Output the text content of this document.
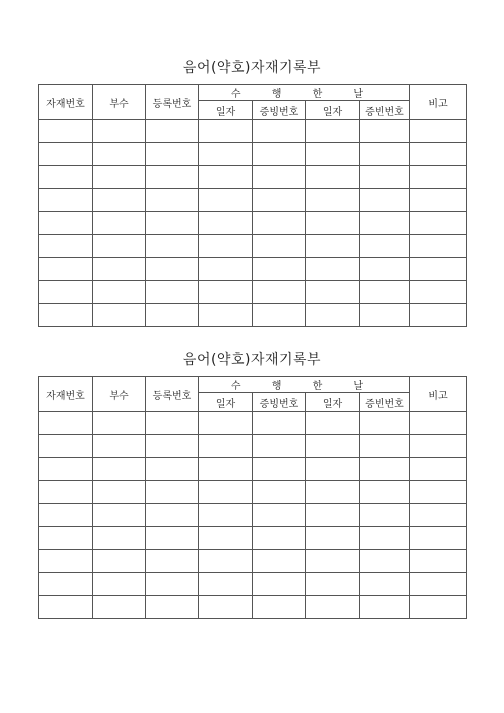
음어(약호)자재기록부
자재번호	부수	등록번호	수 행 한 날				비고
			일자	증빙번호	일자	증빈번호	

음어(약호)자재기록부
자재번호	부수	등록번호	수 행 한 날				비고
			일자	증빙번호	일자	증빈번호	
